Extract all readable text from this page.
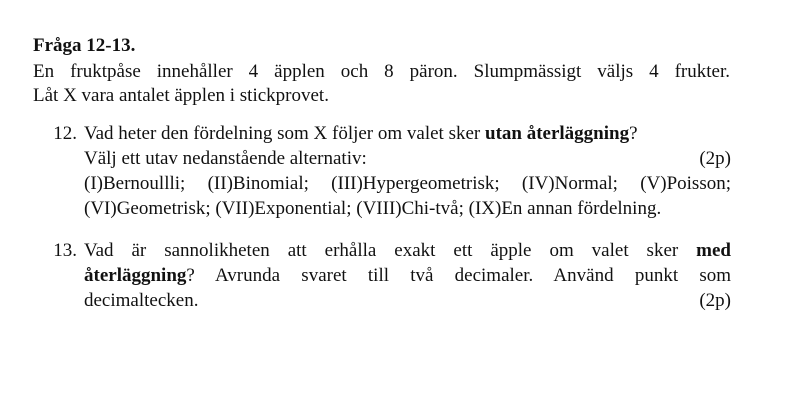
Fråga 12-13.
En fruktpåse innehåller 4 äpplen och 8 päron. Slumpmässigt väljs 4 frukter.
Låt X vara antalet äpplen i stickprovet.
12. Vad heter den fördelning som X följer om valet sker utan återläggning?
Välj ett utav nedanstående alternativ:	(2p)
(I)Bernoullli; (II)Binomial; (III)Hypergeometrisk; (IV)Normal; (V)Poisson;
(VI)Geometrisk; (VII)Exponential; (VIII)Chi-två; (IX)En annan fördelning.
13. Vad är sannolikheten att erhålla exakt ett äpple om valet sker med
återläggning? Avrunda svaret till två decimaler. Använd punkt som
decimaltecken.	(2p)
